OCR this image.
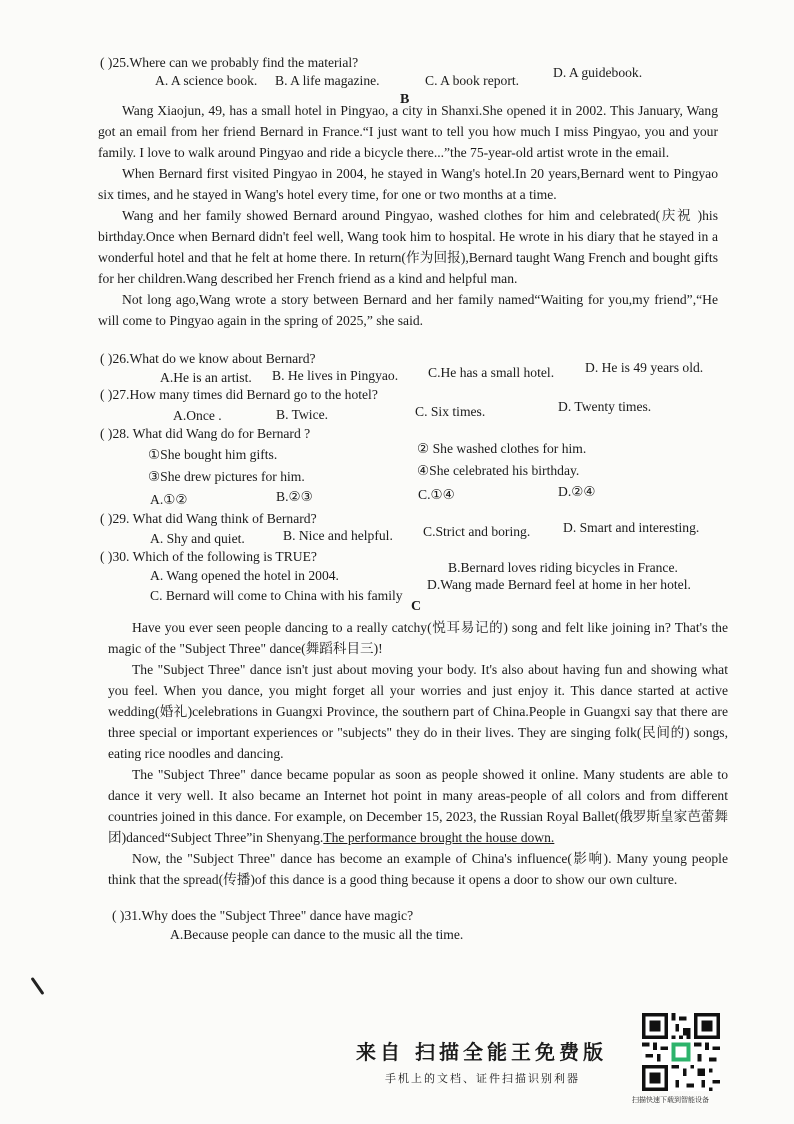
( )25.Where can we probably find the material?
A. A science book. B. A life magazine.	C. A book report.
D. A guidebook.
B

Wang Xiaojun, 49, has a small hotel in Pingyao, a city in Shanxi.She opened it in 2002. This January, Wang got an email from her friend Bernard in France.“I just want to tell you how much I miss Pingyao, you and your family. I love to walk around Pingyao and ride a bicycle there...”the 75-year-old artist wrote in the email.

When Bernard first visited Pingyao in 2004, he stayed in Wang's hotel.In 20 years,Bernard went to Pingyao six times, and he stayed in Wang's hotel every time, for one or two months at a time.

Wang and her family showed Bernard around Pingyao, washed clothes for him and celebrated(庆祝 )his birthday.Once when Bernard didn't feel well, Wang took him to hospital. He wrote in his diary that he stayed in a wonderful hotel and that he felt at home there. In return(作为回报),Bernard taught Wang French and bought gifts for her children.Wang described her French friend as a kind and helpful man.

Not long ago,Wang wrote a story between Bernard and her family named“Waiting for you,my friend”,“He will come to Pingyao again in the spring of 2025,” she said.

( )26.What do we know about Bernard?
A.He is an artist. B. He lives in Pingyao. C.He has a small hotel. D. He is 49 years old.
( )27.How many times did Bernard go to the hotel?
A.Once .	B. Twice.	C. Six times.	D. Twenty times.
( )28. What did Wang do for Bernard ?
①She bought him gifts.	② She washed clothes for him.
③She drew pictures for him.	④She celebrated his birthday.
A.①②	B.②③	C.①④	D.②④
( )29. What did Wang think of Bernard?
A. Shy and quiet.	B. Nice and helpful. C.Strict and boring. D. Smart and interesting.
( )30. Which of the following is TRUE?
A. Wang opened the hotel in 2004.
B.Bernard loves riding bicycles in France.
C. Bernard will come to China with his family
D.Wang made Bernard feel at home in her hotel.
C

Have you ever seen people dancing to a really catchy(悦耳易记的) song and felt like joining in? That's the magic of the "Subject Three" dance(舞蹈科目三)!

The "Subject Three" dance isn't just about moving your body. It's also about having fun and showing what you feel. When you dance, you might forget all your worries and just enjoy it. This dance started at active wedding(婚礼)celebrations in Guangxi Province, the southern part of China.People in Guangxi say that there are three special or important experiences or "subjects" they do in their lives. They are singing folk(民间的) songs, eating rice noodles and dancing.

The "Subject Three" dance became popular as soon as people showed it online. Many students are able to dance it very well. It also became an Internet hot point in many areas-people of all colors and from different countries joined in this dance. For example, on December 15, 2023, the Russian Royal Ballet(俄罗斯皇家芭蕾舞团)danced“Subject Three”in Shenyang.The performance brought the house down.

Now, the "Subject Three" dance has become an example of China's influence(影响). Many young people think that the spread(传播)of this dance is a good thing because it opens a door to show our own culture.

( )31.Why does the "Subject Three" dance have magic?
A.Because people can dance to the music all the time.
来自 扫描全能王免费版
手机上的文档、证件扫描识别利器
扫描快速下载到智能设备
